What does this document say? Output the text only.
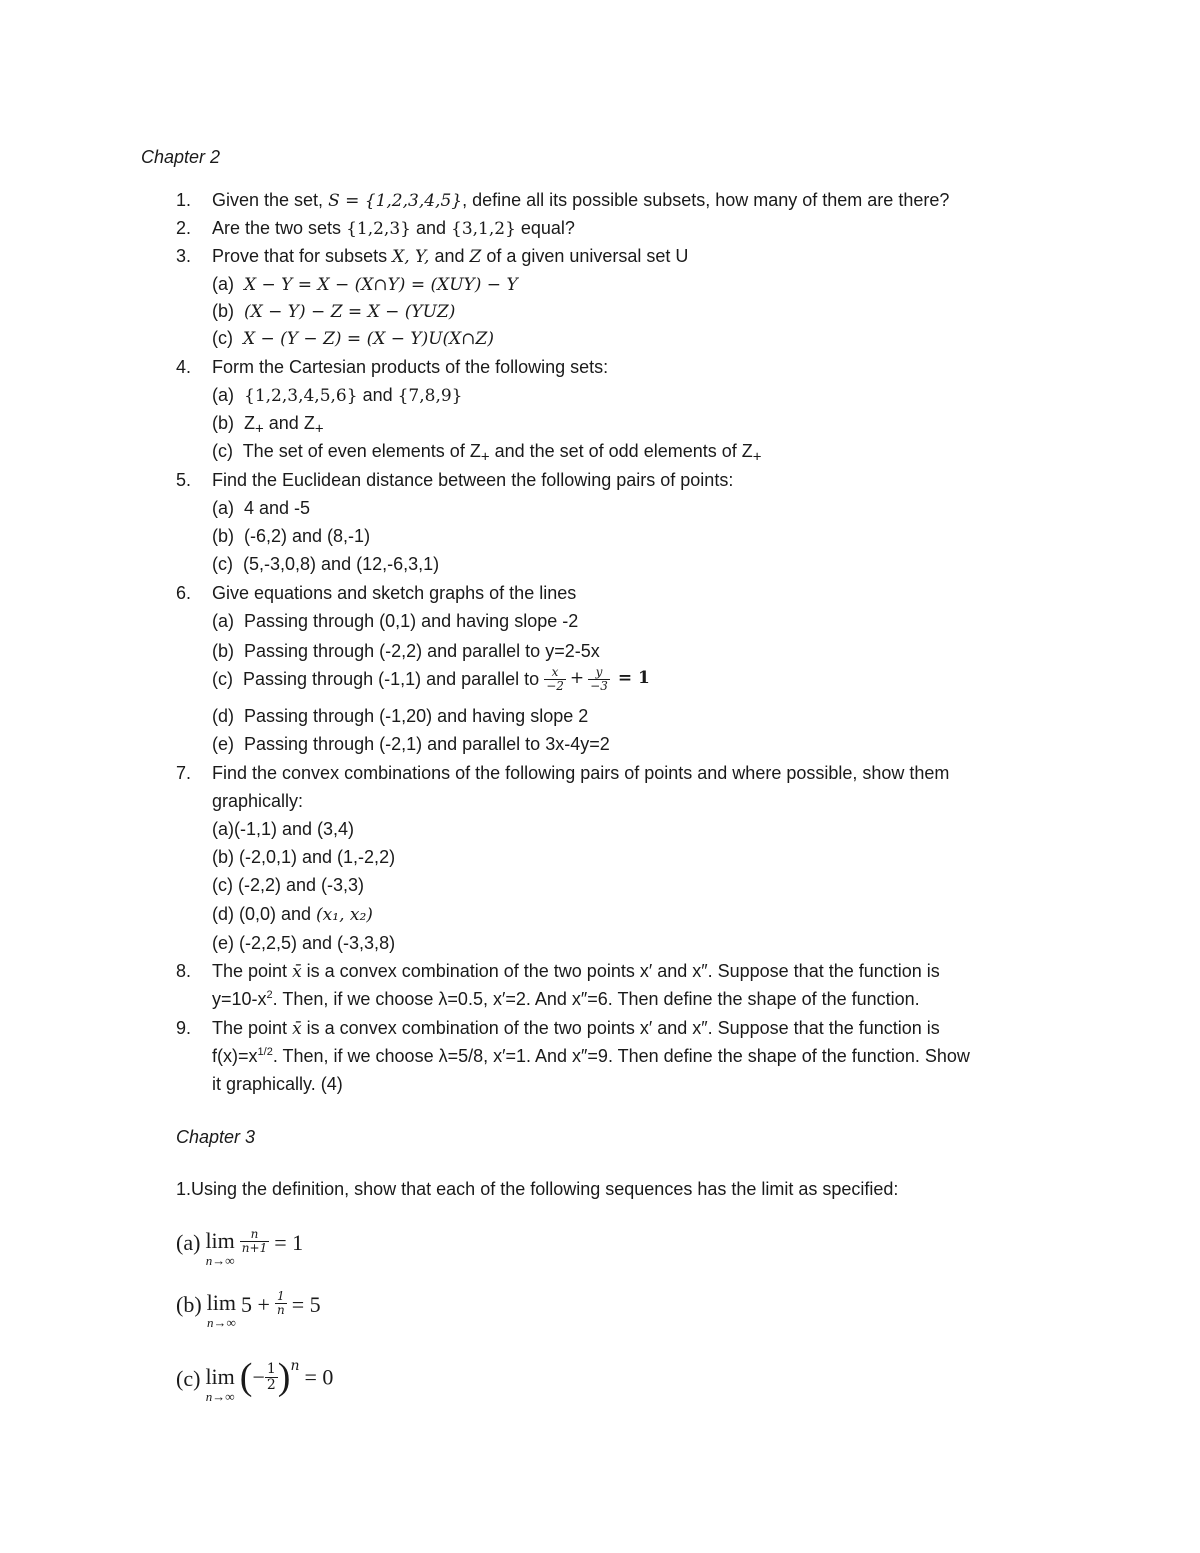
Chapter 2
1. Given the set, S = {1,2,3,4,5}, define all its possible subsets, how many of them are there?
2. Are the two sets {1,2,3} and {3,1,2} equal?
3. Prove that for subsets X, Y, and Z of a given universal set U
(a) X − Y = X − (X∩Y) = (XUY) − Y
(b) (X − Y) − Z = X − (YUZ)
(c) X − (Y − Z) = (X − Y)U(X∩Z)
4. Form the Cartesian products of the following sets:
(a) {1,2,3,4,5,6} and {7,8,9}
(b) $Z_+$ and $Z_+$
(c) The set of even elements of $Z_+$ and the set of odd elements of $Z_+$
5. Find the Euclidean distance between the following pairs of points:
(a) 4 and -5
(b) (-6,2) and (8,-1)
(c) (5,-3,0,8) and (12,-6,3,1)
6. Give equations and sketch graphs of the lines
(a) Passing through (0,1) and having slope -2
(b) Passing through (-2,2) and parallel to y=2-5x
(c) Passing through (-1,1) and parallel to $\frac{x}{-2} + \frac{y}{-3} = 1$
(d) Passing through (-1,20) and having slope 2
(e) Passing through (-2,1) and parallel to 3x-4y=2
7. Find the convex combinations of the following pairs of points and where possible, show them
graphically:
(a)(-1,1) and (3,4)
(b) (-2,0,1) and (1,-2,2)
(c) (-2,2) and (-3,3)
(d) (0,0) and (x₁, x₂)
(e) (-2,2,5) and (-3,3,8)
8. The point x̄ is a convex combination of the two points x′ and x″. Suppose that the function is
$y=10-x^2$. Then, if we choose λ=0.5, x′=2. And x″=6. Then define the shape of the function.
9. The point x̄ is a convex combination of the two points x′ and x″. Suppose that the function is
$f(x)=x^{1/2}$. Then, if we choose λ=5/8, x′=1. And x″=9. Then define the shape of the function. Show
it graphically. (4)
Chapter 3
1.Using the definition, show that each of the following sequences has the limit as specified:
(a) lim
n→∞

$\frac{n}{n+1} = 1$
(b) lim
n→∞
$5 + \frac{1}{n} = 5$
(c) lim
n→∞ (− $\frac{1}{2} )^n = 0$
